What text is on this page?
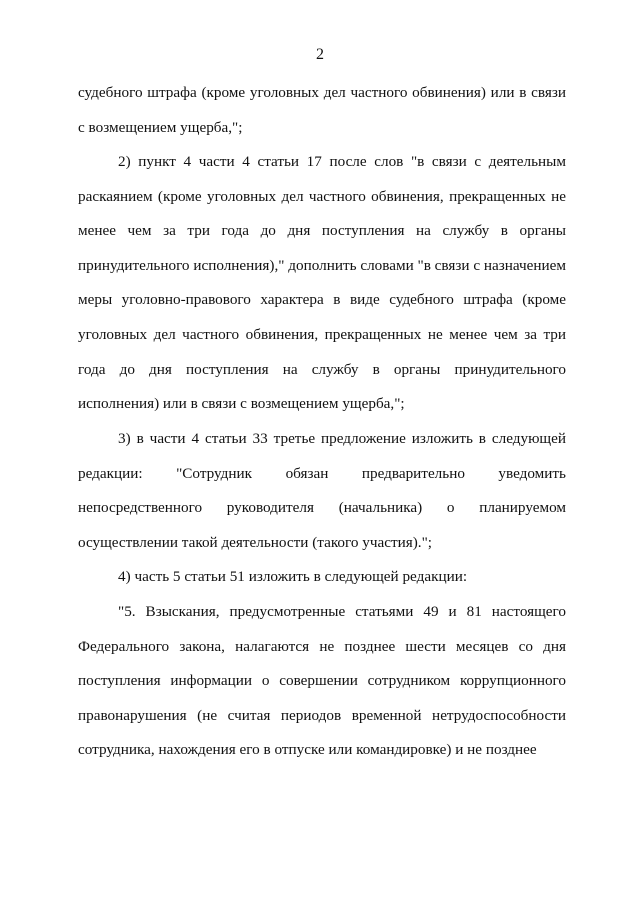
2

судебного штрафа (кроме уголовных дел частного обвинения) или в связи с возмещением ущерба,";

2) пункт 4 части 4 статьи 17 после слов "в связи с деятельным раскаянием (кроме уголовных дел частного обвинения, прекращенных не менее чем за три года до дня поступления на службу в органы принудительного исполнения)," дополнить словами "в связи с назначением меры уголовно-правового характера в виде судебного штрафа (кроме уголовных дел частного обвинения, прекращенных не менее чем за три года до дня поступления на службу в органы принудительного исполнения) или в связи с возмещением ущерба,";

3) в части 4 статьи 33 третье предложение изложить в следующей редакции: "Сотрудник обязан предварительно уведомить непосредственного руководителя (начальника) о планируемом осуществлении такой деятельности (такого участия).";

4) часть 5 статьи 51 изложить в следующей редакции:

"5. Взыскания, предусмотренные статьями 49 и 81 настоящего Федерального закона, налагаются не позднее шести месяцев со дня поступления информации о совершении сотрудником коррупционного правонарушения (не считая периодов временной нетрудоспособности сотрудника, нахождения его в отпуске или командировке) и не позднее
